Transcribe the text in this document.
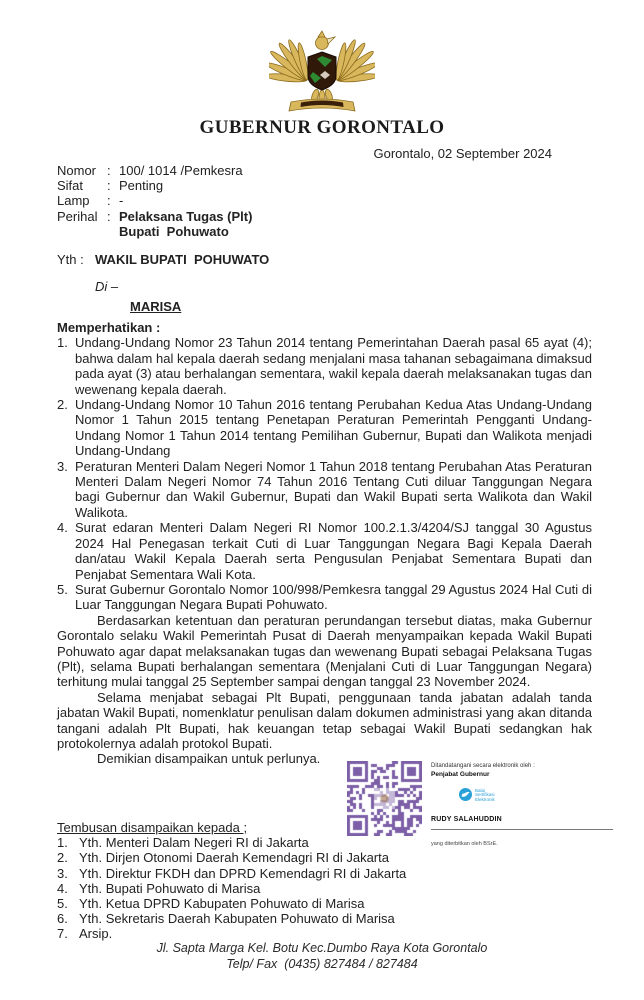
GUBERNUR GORONTALO
Gorontalo, 02 September 2024
Nomor : 100/ 1014 /Pemkesra
Sifat	: Penting
Lamp	: -
Perihal : Pelaksana Tugas (Plt)
Bupati  Pohuwato
Yth : WAKIL BUPATI  POHUWATO
Di –
MARISA
Memperhatikan :
1. Undang-Undang Nomor 23 Tahun 2014 tentang Pemerintahan Daerah pasal 65 ayat (4); bahwa dalam hal kepala daerah sedang menjalani masa tahanan sebagaimana dimaksud pada ayat (3) atau berhalangan sementara, wakil kepala daerah melaksanakan tugas dan wewenang kepala daerah.
2. Undang-Undang Nomor 10 Tahun 2016 tentang Perubahan Kedua Atas Undang-Undang Nomor 1 Tahun 2015 tentang Penetapan Peraturan Pemerintah Pengganti Undang-Undang Nomor 1 Tahun 2014 tentang Pemilihan Gubernur, Bupati dan Walikota menjadi Undang-Undang
3. Peraturan Menteri Dalam Negeri Nomor 1 Tahun 2018 tentang Perubahan Atas Peraturan Menteri Dalam Negeri Nomor 74 Tahun 2016 Tentang Cuti diluar Tanggungan Negara bagi Gubernur dan Wakil Gubernur, Bupati dan Wakil Bupati serta Walikota dan Wakil Walikota.
4. Surat edaran Menteri Dalam Negeri RI Nomor 100.2.1.3/4204/SJ tanggal 30 Agustus 2024 Hal Penegasan terkait Cuti di Luar Tanggungan Negara Bagi Kepala Daerah dan/atau Wakil Kepala Daerah serta Pengusulan Penjabat Sementara Bupati dan Penjabat Sementara Wali Kota.
5. Surat Gubernur Gorontalo Nomor 100/998/Pemkesra tanggal 29 Agustus 2024 Hal Cuti di Luar Tanggungan Negara Bupati Pohuwato.

Berdasarkan ketentuan dan peraturan perundangan tersebut diatas, maka Gubernur Gorontalo selaku Wakil Pemerintah Pusat di Daerah menyampaikan kepada Wakil Bupati Pohuwato agar dapat melaksanakan tugas dan wewenang Bupati sebagai Pelaksana Tugas (Plt), selama Bupati berhalangan sementara (Menjalani Cuti di Luar Tanggungan Negara) terhitung mulai tanggal 25 September sampai dengan tanggal 23 November 2024.

Selama menjabat sebagai Plt Bupati, penggunaan tanda jabatan adalah tanda jabatan Wakil Bupati, nomenklatur penulisan dalam dokumen administrasi yang akan ditanda tangani adalah Plt Bupati, hak keuangan tetap sebagai Wakil Bupati sedangkan hak protokolernya adalah protokol Bupati.

Demikian disampaikan untuk perlunya.	Ditandatangani secara elektronik oleh :
Penjabat Gubernur
Balai
Sertifikasi
Elektronik
RUDY SALAHUDDIN
yang diterbitkan oleh BSrE.
Tembusan disampaikan kepada ;
1. Yth. Menteri Dalam Negeri RI di Jakarta
2. Yth. Dirjen Otonomi Daerah Kemendagri RI di Jakarta
3. Yth. Direktur FKDH dan DPRD Kemendagri RI di Jakarta
4. Yth. Bupati Pohuwato di Marisa
5. Yth. Ketua DPRD Kabupaten Pohuwato di Marisa
6. Yth. Sekretaris Daerah Kabupaten Pohuwato di Marisa
7. Arsip.
Jl. Sapta Marga Kel. Botu Kec.Dumbo Raya Kota Gorontalo
Telp/ Fax  (0435) 827484 / 827484
